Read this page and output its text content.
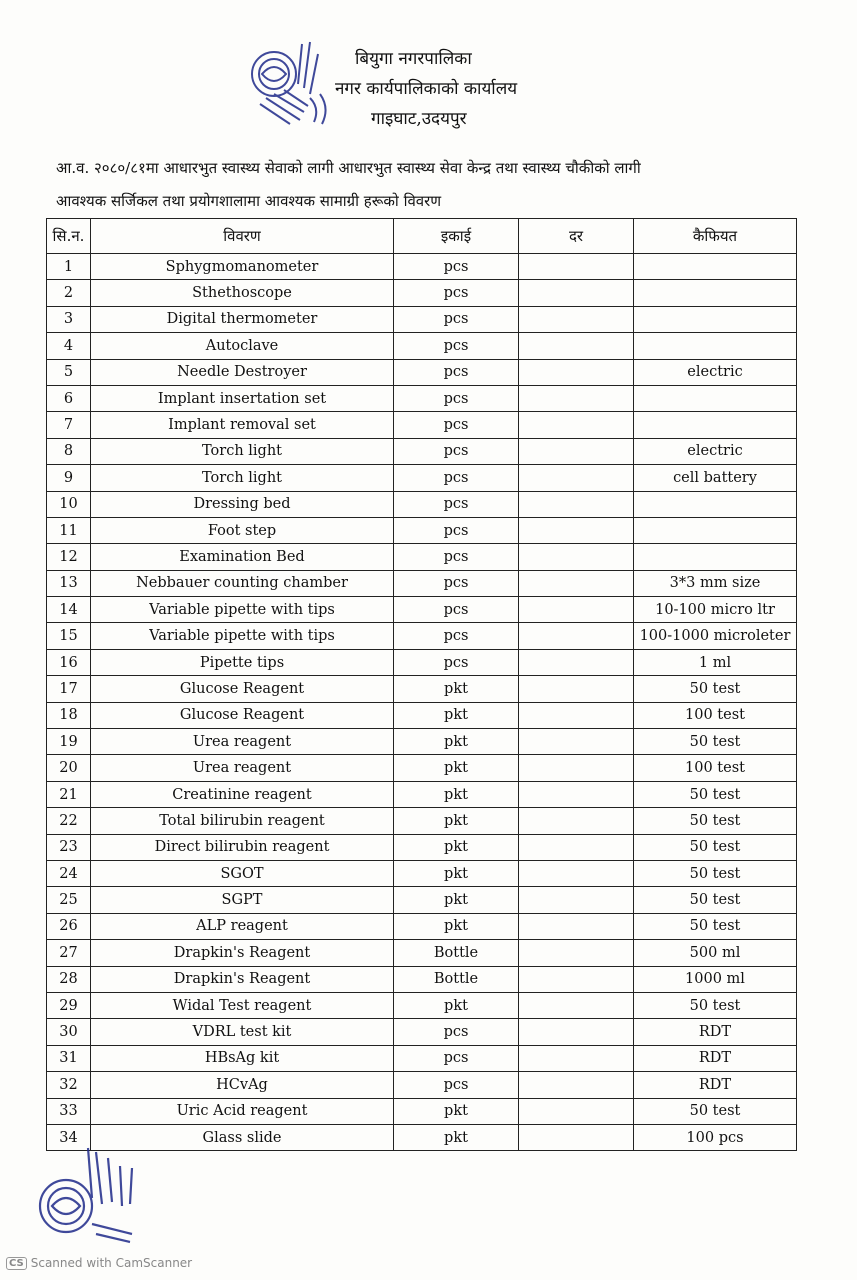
बियुगा नगरपालिका
नगर कार्यपालिकाको कार्यालय
गाइघाट,उदयपुर
आ.व. २०८०/८१मा आधारभुत स्वास्थ्य सेवाको लागी आधारभुत स्वास्थ्य सेवा केन्द्र तथा स्वास्थ्य चौकीको लागी
आवश्यक सर्जिकल तथा प्रयोगशालामा आवश्यक सामाग्री हरूको विवरण
सि.न.	विवरण	इकाई	दर	कैफियत
1	Sphygmomanometer	pcs		
2	Sthethoscope	pcs		
3	Digital thermometer	pcs		
4	Autoclave	pcs		
5	Needle Destroyer	pcs		electric
6	Implant insertation set	pcs		
7	Implant removal set	pcs		
8	Torch light	pcs		electric
9	Torch light	pcs		cell battery
10	Dressing bed	pcs		
11	Foot step	pcs		
12	Examination Bed	pcs		
13	Nebbauer counting chamber	pcs		3*3 mm size
14	Variable pipette with tips	pcs		10-100 micro ltr
15	Variable pipette with tips	pcs		100-1000 microleter
16	Pipette tips	pcs		1 ml
17	Glucose Reagent	pkt		50 test
18	Glucose Reagent	pkt		100 test
19	Urea reagent	pkt		50 test
20	Urea reagent	pkt		100 test
21	Creatinine reagent	pkt		50 test
22	Total bilirubin reagent	pkt		50 test
23	Direct bilirubin reagent	pkt		50 test
24	SGOT	pkt		50 test
25	SGPT	pkt		50 test
26	ALP reagent	pkt		50 test
27	Drapkin's Reagent	Bottle		500 ml
28	Drapkin's Reagent	Bottle		1000 ml
29	Widal Test reagent	pkt		50 test
30	VDRL test kit	pcs		RDT
31	HBsAg kit	pcs		RDT
32	HCvAg	pcs		RDT
33	Uric Acid reagent	pkt		50 test
34	Glass slide	pkt		100 pcs
CS Scanned with CamScanner
